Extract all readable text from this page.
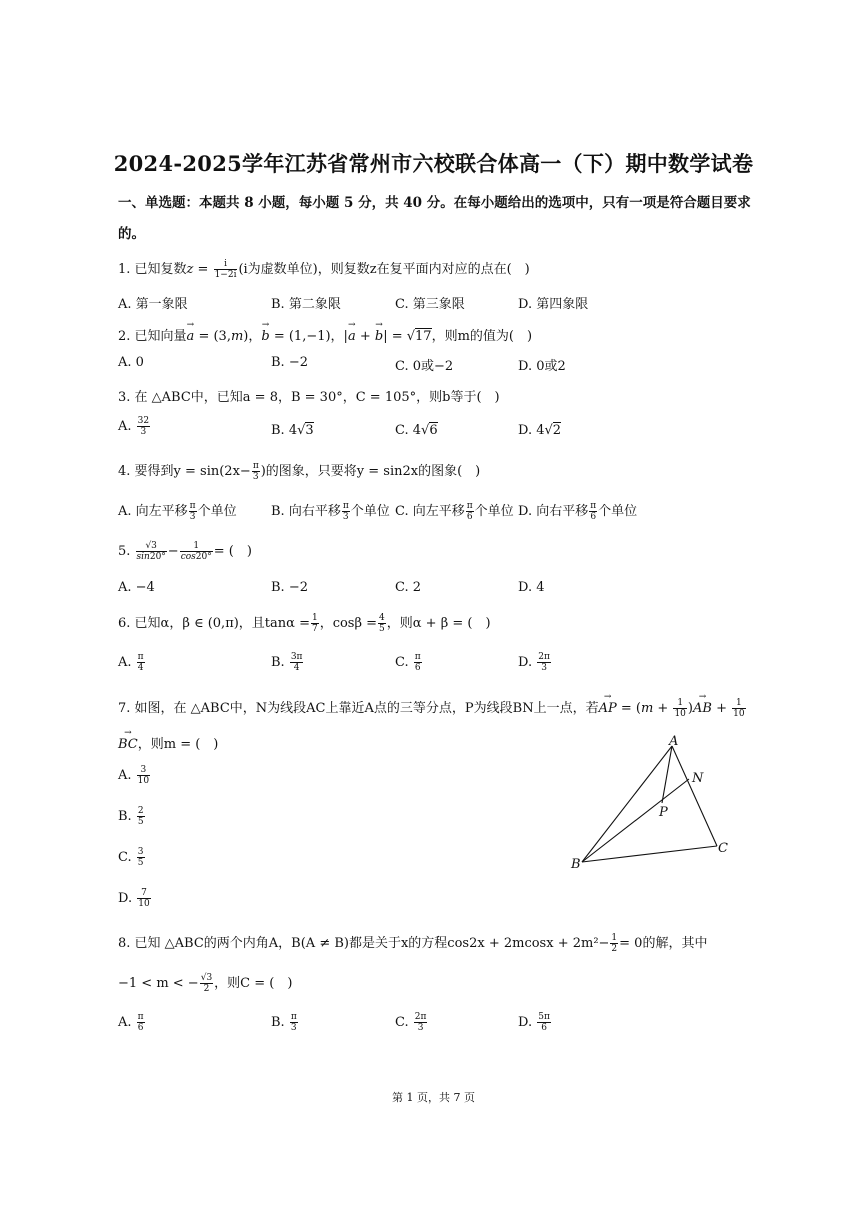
2024-2025学年江苏省常州市六校联合体高一（下）期中数学试卷
一、单选题：本题共 8 小题，每小题 5 分，共 40 分。在每小题给出的选项中，只有一项是符合题目要求
的。
1. 已知复数$z = \frac{i}{1-2i} (i$为虚数单位)，则复数z在复平面内对应的点在(　)
A. 第一象限	B. 第二象限	C. 第三象限	D. 第四象限
2. 已知向量→ a = (3,m)，→ b = (1,−1)，|→ a + → b| = √17，则m的值为(　)
A. 0	B. −2	C. 0或−2	D. 0或2
3. 在 △ABC中，已知a = 8，B = 30°，C = 105°，则b等于(　)
A. $\frac{32}{3}$	B. 4√3	C. 4√6	D. 4√2
4. 要得到$y = \sin(2x- \frac{\pi}{3}$ )的图象，只要将y = sin2x的图象(　)
A. 向左平移 $\frac{\pi}{3}$ 个单位	B. 向右平移 $\frac{\pi}{3}$ 个单位 C. 向左平移 $\frac{\pi}{6}$ 个单位 D. 向右平移 $\frac{\pi}{6}$ 个单位
5. $\frac{√3}{\sin 20^\circ} - \frac{1}{\cos 20^\circ}$ = (　)
A. −4	B. −2	C. 2	D. 4
6. 已知α，β ∈ (0,π)，且$\tan\alpha = \frac{1}{7}$ ，$\cos\beta = \frac{4}{5}$ ，则α + β = (　)
A. $\frac{\pi}{4}$	B. $\frac{3\pi}{4}$	C. $\frac{\pi}{6}$	D. $\frac{2\pi}{3}$
7. 如图，在 △ABC中，N为线段AC上靠近A点的三等分点，P为线段BN上一点，若→ AP = ($m + \frac{1}{10}$ )→ AB + $\frac{1}{10}$
→ BC，则m = (　)
A. $\frac{3}{10}$
B. $\frac{2}{5}$
C. $\frac{3}{5}$
D. $\frac{7}{10}$
A
N
P
B
C
8. 已知 △ABC的两个内角A，B(A ≠ B)都是关于x的方程$\cos 2x + 2mcosx + 2m^2- \frac{1}{2} = 0$的解，其中
−1 < m < − $\frac{√3}{2}$ ，则C = (　)
A. $\frac{\pi}{6}$	B. $\frac{\pi}{3}$	C. $\frac{2\pi}{3}$	D. $\frac{5\pi}{6}$
第 1 页，共 7 页
